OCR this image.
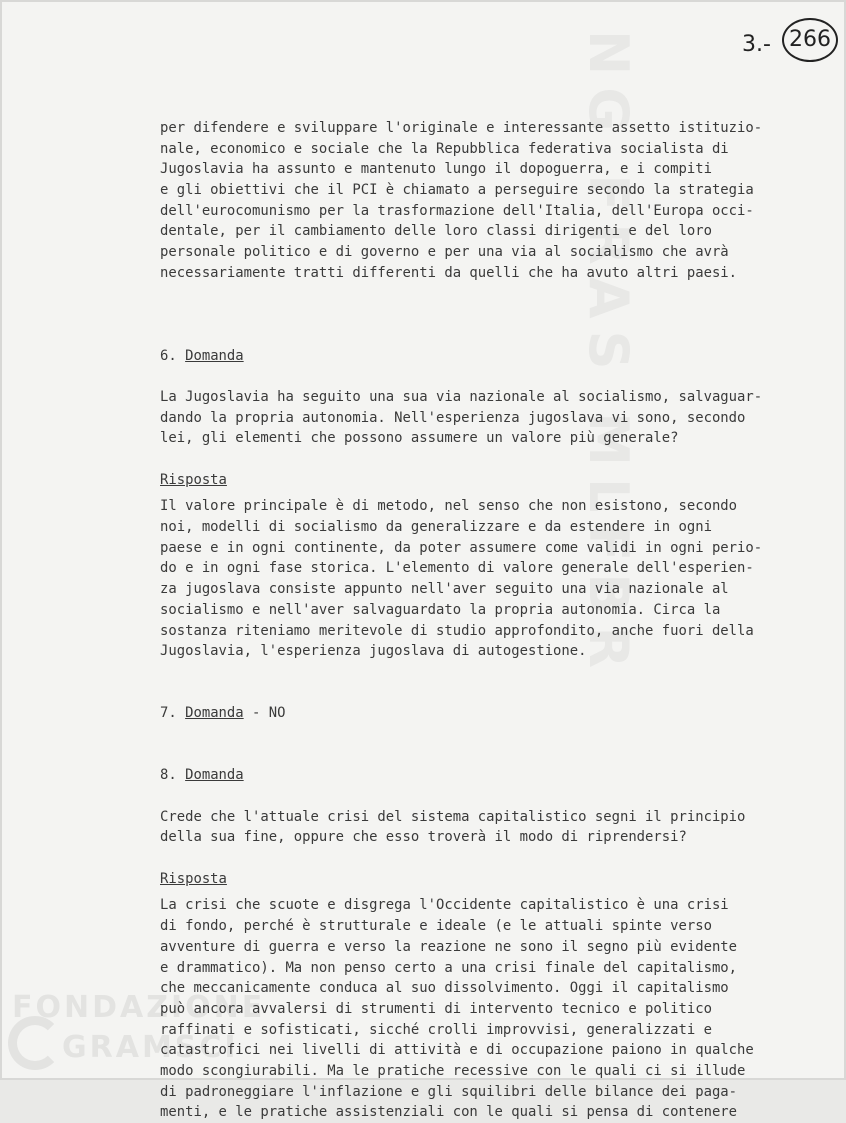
NG FRAS MLFBR
FONDAZIONE
GRAMSCI
3.- 266
per difendere e sviluppare l'originale e interessante assetto istituzio-
nale, economico e sociale che la Repubblica federativa socialista di
Jugoslavia ha assunto e mantenuto lungo il dopoguerra, e i compiti
e gli obiettivi che il PCI è chiamato a perseguire secondo la strategia
dell'eurocomunismo per la trasformazione dell'Italia, dell'Europa occi-
dentale, per il cambiamento delle loro classi dirigenti e del loro
personale politico e di governo e per una via al socialismo che avrà
necessariamente tratti differenti da quelli che ha avuto altri paesi.
6. Domanda
La Jugoslavia ha seguito una sua via nazionale al socialismo, salvaguar-
dando la propria autonomia. Nell'esperienza jugoslava vi sono, secondo
lei, gli elementi che possono assumere un valore più generale?
Risposta
Il valore principale è di metodo, nel senso che non esistono, secondo
noi, modelli di socialismo da generalizzare e da estendere in ogni
paese e in ogni continente, da poter assumere come validi in ogni perio-
do e in ogni fase storica. L'elemento di valore generale dell'esperien-
za jugoslava consiste appunto nell'aver seguito una via nazionale al
socialismo e nell'aver salvaguardato la propria autonomia. Circa la
sostanza riteniamo meritevole di studio approfondito, anche fuori della
Jugoslavia, l'esperienza jugoslava di autogestione.
7. Domanda - NO
8. Domanda
Crede che l'attuale crisi del sistema capitalistico segni il principio
della sua fine, oppure che esso troverà il modo di riprendersi?
Risposta
La crisi che scuote e disgrega l'Occidente capitalistico è una crisi
di fondo, perché è strutturale e ideale (e le attuali spinte verso
avventure di guerra e verso la reazione ne sono il segno più evidente
e drammatico). Ma non penso certo a una crisi finale del capitalismo,
che meccanicamente conduca al suo dissolvimento. Oggi il capitalismo
può ancora avvalersi di strumenti di intervento tecnico e politico
raffinati e sofisticati, sicché crolli improvvisi, generalizzati e
catastrofici nei livelli di attività e di occupazione paiono in qualche
modo scongiurabili. Ma le pratiche recessive con le quali ci si illude
di padroneggiare l'inflazione e gli squilibri delle bilance dei paga-
menti, e le pratiche assistenziali con le quali si pensa di contenere
